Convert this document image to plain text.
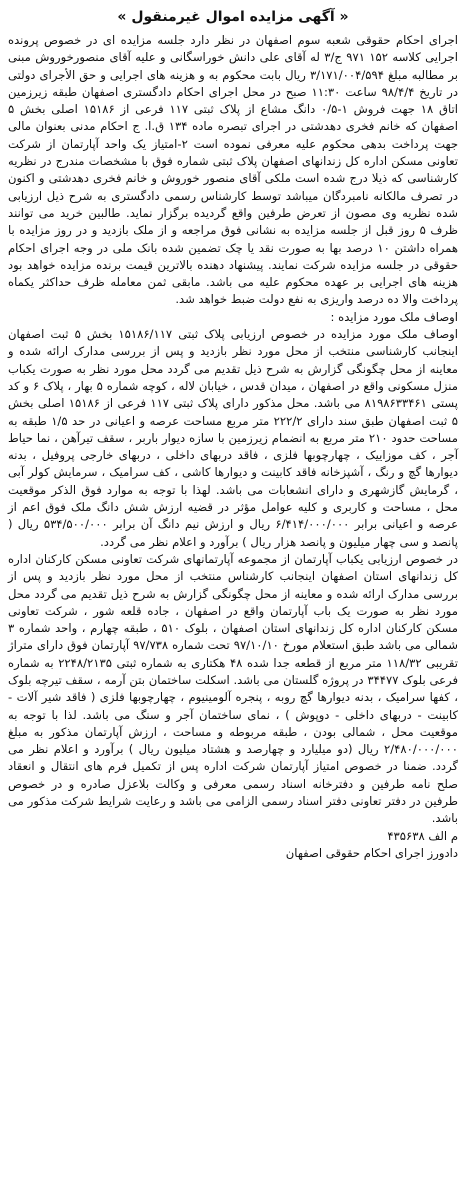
« آگهی مزایده اموال غیرمنقول »

اجرای احکام حقوقی شعبه سوم اصفهان در نظر دارد جلسه مزایده ای در خصوص پرونده اجرایی کلاسه ۱۵۲ ۹۷۱ ج/۳ له آقای علی دانش خوراسگانی و علیه آقای منصورخوروش مبنی بر مطالبه مبلغ ۳/۱۷۱/۰۰۴/۵۹۴ ریال بابت محکوم به و هزینه های اجرایی و حق الأجرای دولتی در تاریخ ۹۸/۴/۴ ساعت ۱۱:۳۰ صبح در محل اجرای احکام دادگستری اصفهان طبقه زیرزمین اتاق ۱۸ جهت فروش ۱-۰/۵ دانگ مشاع از پلاک ثبتی ۱۱۷ فرعی از ۱۵۱۸۶ اصلی بخش ۵ اصفهان که خانم فخری دهدشتی در اجرای تبصره ماده ۱۳۴ ق.ا. ج احکام مدنی بعنوان مالی جهت پرداخت بدهی محکوم علیه معرفی نموده است ۲-امتیاز یک واحد آپارتمان از شرکت تعاونی مسکن اداره کل زندانهای اصفهان پلاک ثبتی شماره فوق با مشخصات مندرج در نظریه کارشناسی که ذیلا درج شده است ملکی آقای منصور خوروش و خانم فخری دهدشتی و اکنون در تصرف مالکانه نامبردگان میباشد توسط کارشناس رسمی دادگستری به شرح ذیل ارزیابی شده نظریه وی مصون از تعرض طرفین واقع گردیده برگزار نماید. طالبین خرید می توانند ظرف ۵ روز قبل از جلسه مزایده به نشانی فوق مراجعه و از ملک بازدید و در روز مزایده با همراه داشتن ۱۰ درصد بها به صورت نقد یا چک تضمین شده بانک ملی در وجه اجرای احکام حقوقی در جلسه مزایده شرکت نمایند. پیشنهاد دهنده بالاترین قیمت برنده مزایده خواهد بود هزینه های اجرایی بر عهده محکوم علیه می باشد. مابقی ثمن معامله ظرف حداکثر یکماه پرداخت والا ده درصد واریزی به نفع دولت ضبط خواهد شد.

اوصاف ملک مورد مزایده :

اوصاف ملک مورد مزایده در خصوص ارزیابی پلاک ثبتی ۱۵۱۸۶/۱۱۷ بخش ۵ ثبت اصفهان اینجانب کارشناسی منتخب از محل مورد نظر بازدید و پس از بررسی مدارک ارائه شده و معاینه از محل چگونگی گزارش به شرح ذیل تقدیم می گردد محل مورد نظر به صورت یکباب منزل مسکونی واقع در اصفهان ، میدان قدس ، خیابان لاله ، کوچه شماره ۵ بهار ، پلاک ۶ و کد پستی ۸۱۹۸۶۳۳۴۶۱ می باشد. محل مذکور دارای پلاک ثبتی ۱۱۷ فرعی از ۱۵۱۸۶ اصلی بخش ۵ ثبت اصفهان طبق سند دارای ۲۲۲/۲ متر مربع مساحت عرصه و اعیانی در حد ۱/۵ طبقه به مساحت حدود ۲۱۰ متر مربع به انضمام زیرزمین با سازه دیوار باربر ، سقف تیرآهن ، نما حیاط آجر ، کف موزاییک ، چهارچوبها فلزی ، فاقد دربهای داخلی ، دربهای خارجی پروفیل ، بدنه دیوارها گچ و رنگ ، آشپزخانه فاقد کابینت و دیوارها کاشی ، کف سرامیک ، سرمایش کولر آبی ، گرمایش گازشهری و دارای انشعابات می باشد. لهذا با توجه به موارد فوق الذکر موقعیت محل ، مساحت و کاربری و کلیه عوامل مؤثر در قضیه ارزش شش دانگ ملک فوق اعم از عرصه و اعیانی برابر ۶/۴۱۴/۰۰۰/۰۰۰ ریال و ارزش نیم دانگ آن برابر ۵۳۴/۵۰۰/۰۰۰ ریال ( پانصد و سی چهار میلیون و پانصد هزار ریال ) برآورد و اعلام نظر می گردد.

در خصوص ارزیابی یکباب آپارتمان از مجموعه آپارتمانهای شرکت تعاونی مسکن کارکنان اداره کل زندانهای استان اصفهان اینجانب کارشناس منتخب از محل مورد نظر بازدید و پس از بررسی مدارک ارائه شده و معاینه از محل چگونگی گزارش به شرح ذیل تقدیم می گردد محل مورد نظر به صورت یک باب آپارتمان واقع در اصفهان ، جاده قلعه شور ، شرکت تعاونی مسکن کارکنان اداره کل زندانهای استان اصفهان ، بلوک ۵۱۰ ، طبقه چهارم ، واحد شماره ۳ شمالی می باشد طبق استعلام مورخ ۹۷/۱۰/۱۰ تحت شماره ۹۷/۷۳۸ آپارتمان فوق دارای متراژ تقریبی ۱۱۸/۳۲ متر مربع از قطعه جدا شده ۴۸ هکتاری به شماره ثبتی ۲۲۴۸/۲۱۳۵ به شماره فرعی بلوک ۳۴۴۷۷ در پروژه گلستان می باشد. اسکلت ساختمان بتن آرمه ، سقف تیرچه بلوک ، کفها سرامیک ، بدنه دیوارها گچ روبه ، پنجره آلومینیوم ، چهارچوبها فلزی ( فاقد شیر آلات - کابینت - دربهای داخلی - دوپوش ) ، نمای ساختمان آجر و سنگ می باشد. لذا با توجه به موقعیت محل ، شمالی بودن ، طبقه مربوطه و مساحت ، ارزش آپارتمان مذکور به مبلغ ۲/۴۸۰/۰۰۰/۰۰۰ ریال (دو میلیارد و چهارصد و هشتاد میلیون ریال ) برآورد و اعلام نظر می گردد. ضمنا در خصوص امتیاز آپارتمان شرکت اداره پس از تکمیل فرم های انتقال و انعقاد صلح نامه طرفین و دفترخانه اسناد رسمی معرفی و وکالت بلاعزل صادره و در خصوص طرفین در دفتر تعاونی دفتر اسناد رسمی الزامی می باشد و رعایت شرایط شرکت مذکور می باشد.

م الف ۴۳۵۶۳۸

دادورز اجرای احکام حقوقی اصفهان
